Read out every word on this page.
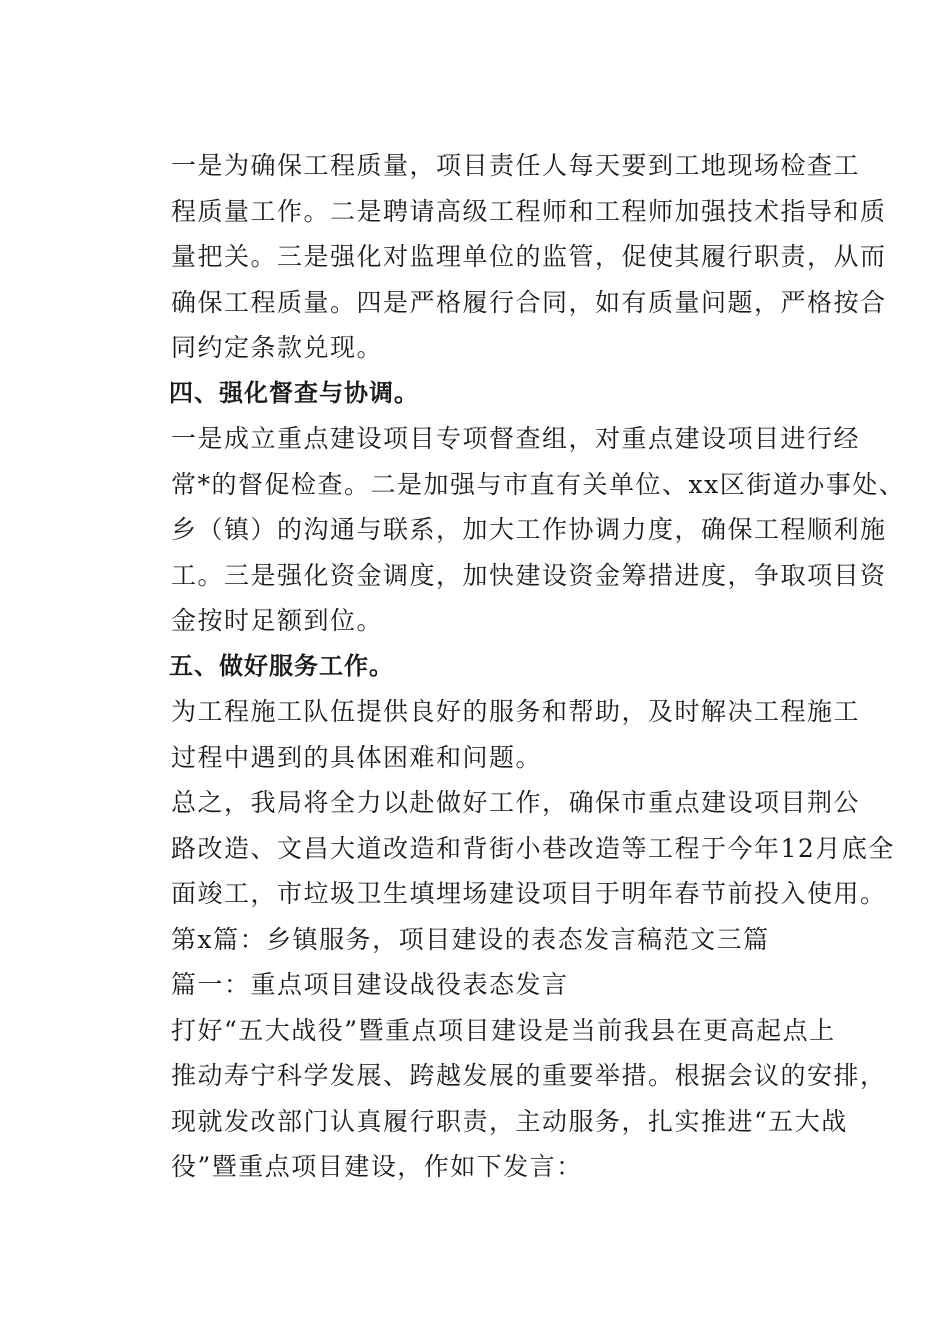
一是为确保工程质量，项目责任人每天要到工地现场检查工
程质量工作。二是聘请高级工程师和工程师加强技术指导和质
量把关。三是强化对监理单位的监管，促使其履行职责，从而
确保工程质量。四是严格履行合同，如有质量问题，严格按合
同约定条款兑现。

四、强化督查与协调。

一是成立重点建设项目专项督查组，对重点建设项目进行经
常*的督促检查。二是加强与市直有关单位、xx区街道办事处、
乡（镇）的沟通与联系，加大工作协调力度，确保工程顺利施
工。三是强化资金调度，加快建设资金筹措进度，争取项目资
金按时足额到位。

五、做好服务工作。

为工程施工队伍提供良好的服务和帮助，及时解决工程施工
过程中遇到的具体困难和问题。

总之，我局将全力以赴做好工作，确保市重点建设项目荆公
路改造、文昌大道改造和背街小巷改造等工程于今年12月底全
面竣工，市垃圾卫生填埋场建设项目于明年春节前投入使用。

第x篇：乡镇服务，项目建设的表态发言稿范文三篇

篇一：重点项目建设战役表态发言

打好“五大战役”暨重点项目建设是当前我县在更高起点上
推动寿宁科学发展、跨越发展的重要举措。根据会议的安排，
现就发改部门认真履行职责，主动服务，扎实推进“五大战
役”暨重点项目建设，作如下发言：
